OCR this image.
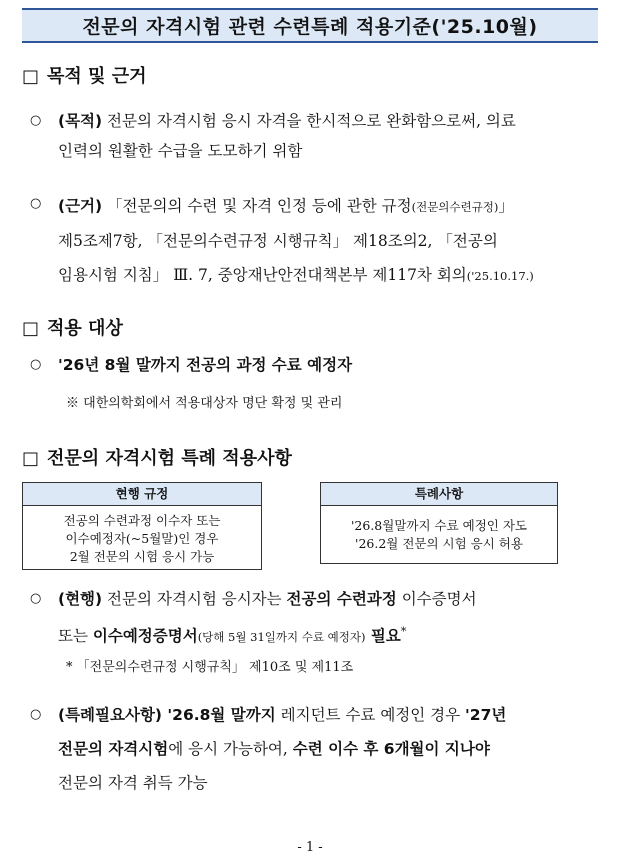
전문의 자격시험 관련 수련특례 적용기준('25.10월)
□ 목적 및 근거
○ (목적) 전문의 자격시험 응시 자격을 한시적으로 완화함으로써, 의료
인력의 원활한 수급을 도모하기 위함
○ (근거) 「전문의의 수련 및 자격 인정 등에 관한 규정(전문의수련규정)」
제5조제7항, 「전문의수련규정 시행규칙」 제18조의2, 「전공의
임용시험 지침」 Ⅲ. 7, 중앙재난안전대책본부 제117차 회의('25.10.17.)
□ 적용 대상
○ '26년 8월 말까지 전공의 과정 수료 예정자
※ 대한의학회에서 적용대상자 명단 확정 및 관리
□ 전문의 자격시험 특례 적용사항
현행 규정
전공의 수련과정 이수자 또는
이수예정자(~5월말)인 경우
2월 전문의 시험 응시 가능
특례사항
'26.8월말까지 수료 예정인 자도
'26.2월 전문의 시험 응시 허용
○ (현행) 전문의 자격시험 응시자는 전공의 수련과정 이수증명서
또는 이수예정증명서(당해 5월 31일까지 수료 예정자) 필요*
* 「전문의수련규정 시행규칙」 제10조 및 제11조
○ (특례필요사항) '26.8월 말까지 레지던트 수료 예정인 경우 '27년
전문의 자격시험에 응시 가능하여, 수련 이수 후 6개월이 지나야
전문의 자격 취득 가능
- 1 -
